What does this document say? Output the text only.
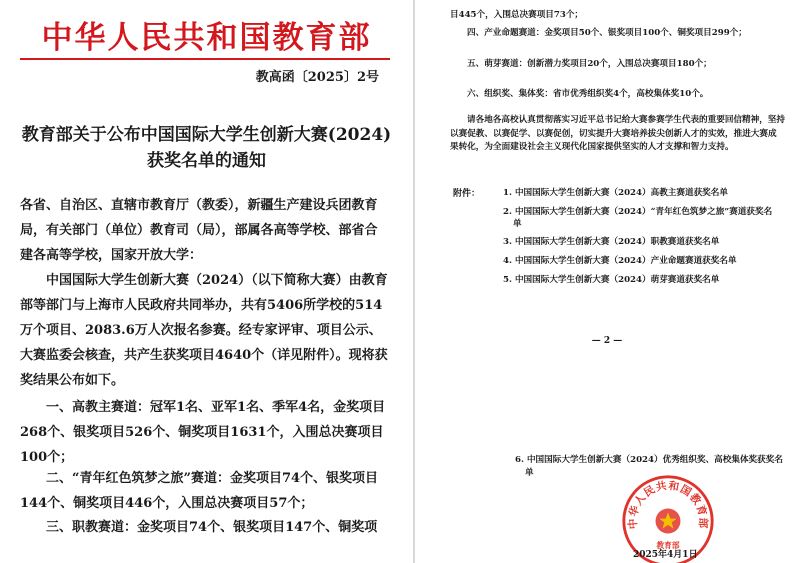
中华人民共和国教育部
教高函〔2025〕2号
教育部关于公布中国国际大学生创新大赛(2024)
获奖名单的通知

各省、自治区、直辖市教育厅（教委），新疆生产建设兵团教育局，有关部门（单位）教育司（局），部属各高等学校、部省合建各高等学校，国家开放大学：

中国国际大学生创新大赛（2024）（以下简称大赛）由教育部等部门与上海市人民政府共同举办，共有5406所学校的514万个项目、2083.6万人次报名参赛。经专家评审、项目公示、大赛监委会核查，共产生获奖项目4640个（详见附件）。现将获奖结果公布如下。

一、高教主赛道：冠军1名、亚军1名、季军4名，金奖项目268个、银奖项目526个、铜奖项目1631个，入围总决赛项目100个；

二、“青年红色筑梦之旅”赛道：金奖项目74个、银奖项目144个、铜奖项目446个，入围总决赛项目57个；

三、职教赛道：金奖项目74个、银奖项目147个、铜奖项

目445个，入围总决赛项目73个；

四、产业命题赛道：金奖项目50个、银奖项目100个、铜奖项目299个；

五、萌芽赛道：创新潜力奖项目20个，入围总决赛项目180个；

六、组织奖、集体奖：省市优秀组织奖4个，高校集体奖10个。

请各地各高校认真贯彻落实习近平总书记给大赛参赛学生代表的重要回信精神，坚持以赛促教、以赛促学、以赛促创，切实提升大赛培养拔尖创新人才的实效，推进大赛成果转化，为全面建设社会主义现代化国家提供坚实的人才支撑和智力支持。

附件：	1. 中国国际大学生创新大赛（2024）高教主赛道获奖名单
2. 中国国际大学生创新大赛（2024）“青年红色筑梦之旅”赛道获奖名单
3. 中国国际大学生创新大赛（2024）职教赛道获奖名单
4. 中国国际大学生创新大赛（2024）产业命题赛道获奖名单
5. 中国国际大学生创新大赛（2024）萌芽赛道获奖名单
— 2 —
6. 中国国际大学生创新大赛（2024）优秀组织奖、高校集体奖获奖名单
中华人民共和国教育部
教育部
2025年4月1日
